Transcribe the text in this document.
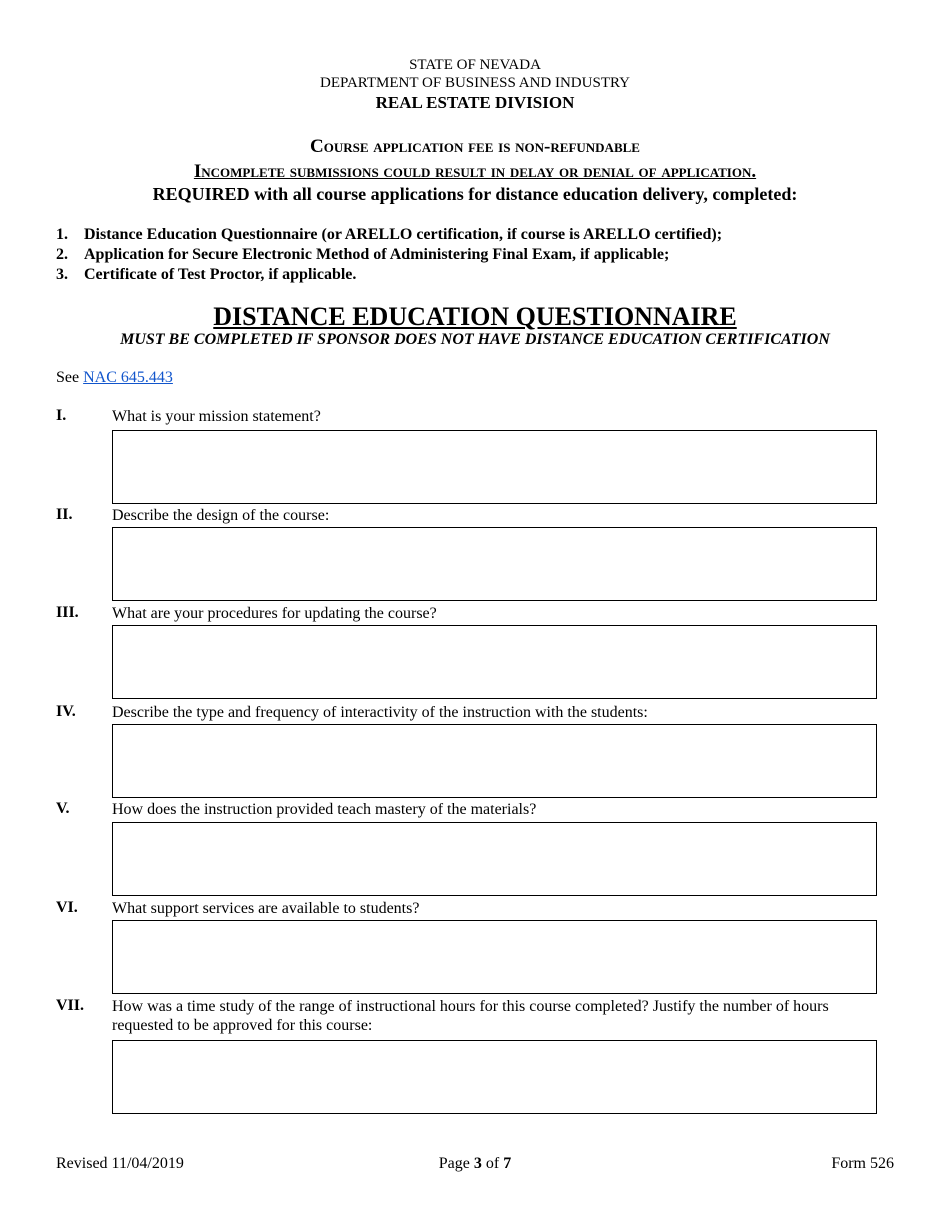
STATE OF NEVADA
DEPARTMENT OF BUSINESS AND INDUSTRY
REAL ESTATE DIVISION
Course application fee is non-refundable
Incomplete submissions could result in delay or denial of application.
REQUIRED with all course applications for distance education delivery, completed:
1.	Distance Education Questionnaire (or ARELLO certification, if course is ARELLO certified);
2.	Application for Secure Electronic Method of Administering Final Exam, if applicable;
3.	Certificate of Test Proctor, if applicable.
DISTANCE EDUCATION QUESTIONNAIRE
MUST BE COMPLETED IF SPONSOR DOES NOT HAVE DISTANCE EDUCATION CERTIFICATION
See NAC 645.443
I.	What is your mission statement?
II. Describe the design of the course:
III. What are your procedures for updating the course?
IV. Describe the type and frequency of interactivity of the instruction with the students:
V.	How does the instruction provided teach mastery of the materials?
VI. What support services are available to students?
VII. How was a time study of the range of instructional hours for this course completed? Justify the number of hours requested to be approved for this course:
Revised 11/04/2019	Page 3 of 7	Form 526
